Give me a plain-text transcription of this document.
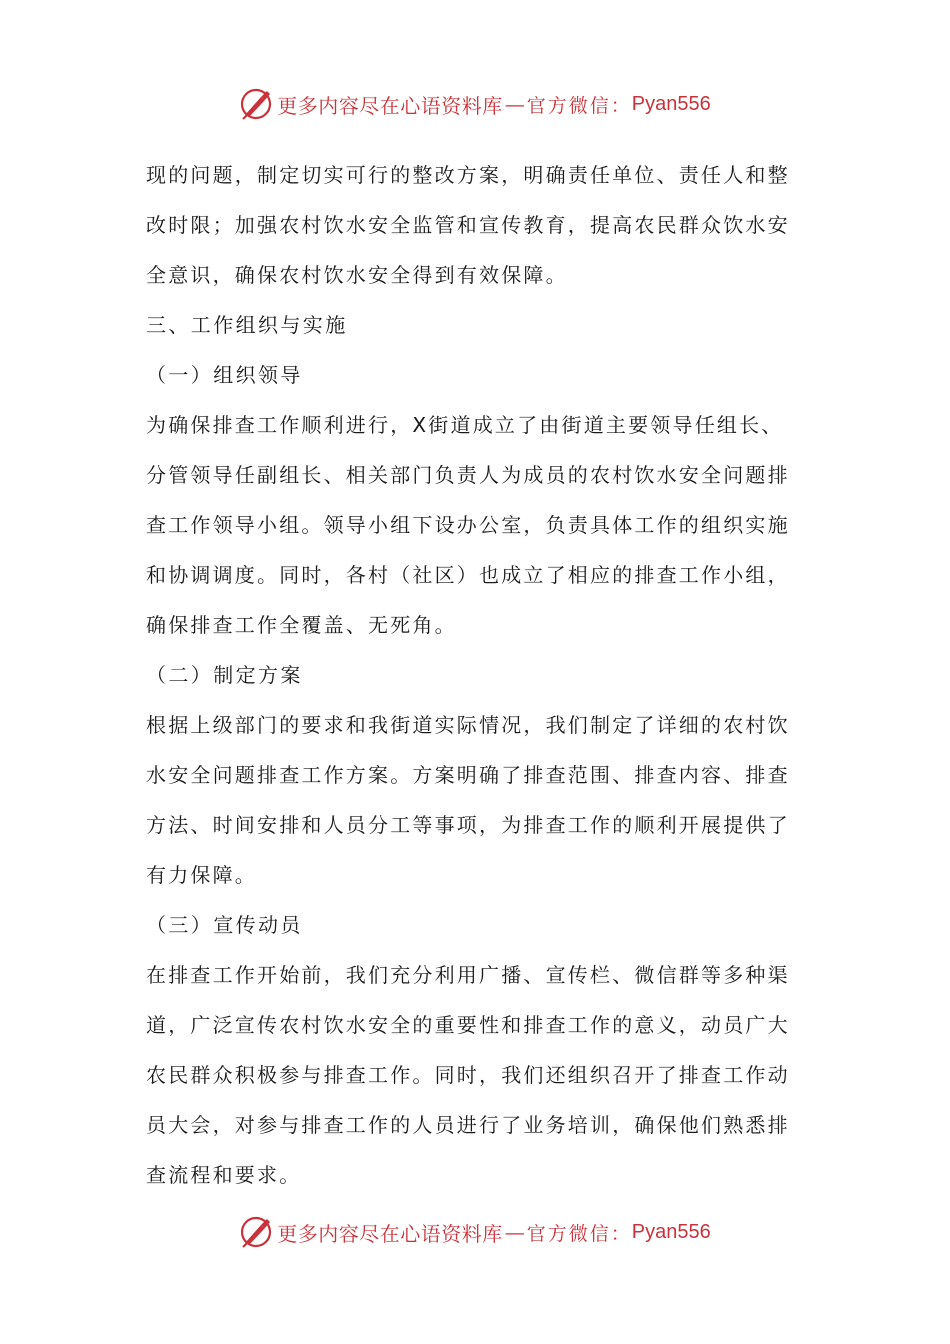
更多内容尽在心语资料库 — 官方微信： Pyan556
现的问题，制定切实可行的整改方案，明确责任单位、责任人和整
改时限；加强农村饮水安全监管和宣传教育，提高农民群众饮水安
全意识，确保农村饮水安全得到有效保障。
三、工作组织与实施
（一）组织领导
为确保排查工作顺利进行，X街道成立了由街道主要领导任组长、
分管领导任副组长、相关部门负责人为成员的农村饮水安全问题排
查工作领导小组。领导小组下设办公室，负责具体工作的组织实施
和协调调度。同时，各村（社区）也成立了相应的排查工作小组，
确保排查工作全覆盖、无死角。
（二）制定方案
根据上级部门的要求和我街道实际情况，我们制定了详细的农村饮
水安全问题排查工作方案。方案明确了排查范围、排查内容、排查
方法、时间安排和人员分工等事项，为排查工作的顺利开展提供了
有力保障。
（三）宣传动员
在排查工作开始前，我们充分利用广播、宣传栏、微信群等多种渠
道，广泛宣传农村饮水安全的重要性和排查工作的意义，动员广大
农民群众积极参与排查工作。同时，我们还组织召开了排查工作动
员大会，对参与排查工作的人员进行了业务培训，确保他们熟悉排
查流程和要求。
更多内容尽在心语资料库 — 官方微信： Pyan556
